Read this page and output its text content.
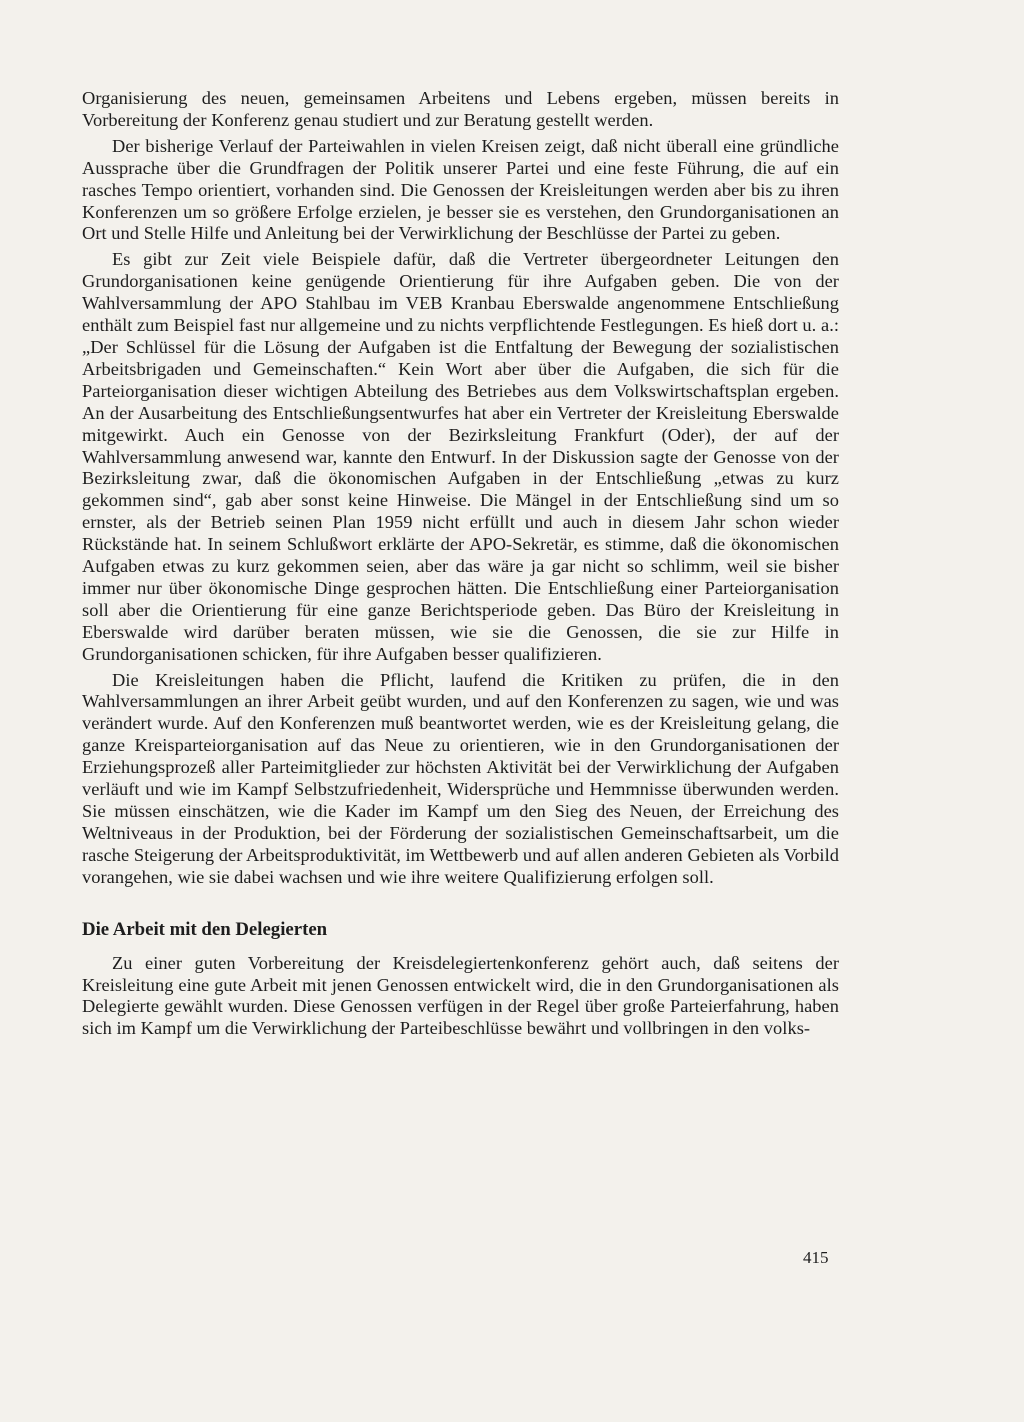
Organisierung des neuen, gemeinsamen Arbeitens und Lebens ergeben, müssen bereits in Vorbereitung der Konferenz genau studiert und zur Beratung gestellt werden.

Der bisherige Verlauf der Parteiwahlen in vielen Kreisen zeigt, daß nicht überall eine gründliche Aussprache über die Grundfragen der Politik unserer Partei und eine feste Führung, die auf ein rasches Tempo orientiert, vorhanden sind. Die Genossen der Kreisleitungen werden aber bis zu ihren Konferenzen um so größere Erfolge erzielen, je besser sie es verstehen, den Grundorganisationen an Ort und Stelle Hilfe und Anleitung bei der Verwirklichung der Beschlüsse der Partei zu geben.

Es gibt zur Zeit viele Beispiele dafür, daß die Vertreter übergeordneter Leitungen den Grundorganisationen keine genügende Orientierung für ihre Aufgaben geben. Die von der Wahlversammlung der APO Stahlbau im VEB Kranbau Eberswalde angenommene Entschließung enthält zum Beispiel fast nur allgemeine und zu nichts verpflichtende Festlegungen. Es hieß dort u. a.: „Der Schlüssel für die Lösung der Aufgaben ist die Entfaltung der Bewegung der sozialistischen Arbeitsbrigaden und Gemeinschaften.“ Kein Wort aber über die Aufgaben, die sich für die Parteiorganisation dieser wichtigen Abteilung des Betriebes aus dem Volkswirtschaftsplan ergeben. An der Ausarbeitung des Entschließungsentwurfes hat aber ein Vertreter der Kreisleitung Eberswalde mitgewirkt. Auch ein Genosse von der Bezirksleitung Frankfurt (Oder), der auf der Wahlversammlung anwesend war, kannte den Entwurf. In der Diskussion sagte der Genosse von der Bezirksleitung zwar, daß die ökonomischen Aufgaben in der Entschließung „etwas zu kurz gekommen sind“, gab aber sonst keine Hinweise. Die Mängel in der Entschließung sind um so ernster, als der Betrieb seinen Plan 1959 nicht erfüllt und auch in diesem Jahr schon wieder Rückstände hat. In seinem Schlußwort erklärte der APO-Sekretär, es stimme, daß die ökonomischen Aufgaben etwas zu kurz gekommen seien, aber das wäre ja gar nicht so schlimm, weil sie bisher immer nur über ökonomische Dinge gesprochen hätten. Die Entschließung einer Parteiorganisation soll aber die Orientierung für eine ganze Berichtsperiode geben. Das Büro der Kreisleitung in Eberswalde wird darüber beraten müssen, wie sie die Genossen, die sie zur Hilfe in Grundorganisationen schicken, für ihre Aufgaben besser qualifizieren.

Die Kreisleitungen haben die Pflicht, laufend die Kritiken zu prüfen, die in den Wahlversammlungen an ihrer Arbeit geübt wurden, und auf den Konferenzen zu sagen, wie und was verändert wurde. Auf den Konferenzen muß beantwortet werden, wie es der Kreisleitung gelang, die ganze Kreisparteiorganisation auf das Neue zu orientieren, wie in den Grundorganisationen der Erziehungsprozeß aller Parteimitglieder zur höchsten Aktivität bei der Verwirklichung der Aufgaben verläuft und wie im Kampf Selbstzufriedenheit, Widersprüche und Hemmnisse überwunden werden. Sie müssen einschätzen, wie die Kader im Kampf um den Sieg des Neuen, der Erreichung des Weltniveaus in der Produktion, bei der Förderung der sozialistischen Gemeinschaftsarbeit, um die rasche Steigerung der Arbeitsproduktivität, im Wettbewerb und auf allen anderen Gebieten als Vorbild vorangehen, wie sie dabei wachsen und wie ihre weitere Qualifizierung erfolgen soll.

Die Arbeit mit den Delegierten

Zu einer guten Vorbereitung der Kreisdelegiertenkonferenz gehört auch, daß seitens der Kreisleitung eine gute Arbeit mit jenen Genossen entwickelt wird, die in den Grundorganisationen als Delegierte gewählt wurden. Diese Genossen verfügen in der Regel über große Parteierfahrung, haben sich im Kampf um die Verwirklichung der Parteibeschlüsse bewährt und vollbringen in den volks-

415
